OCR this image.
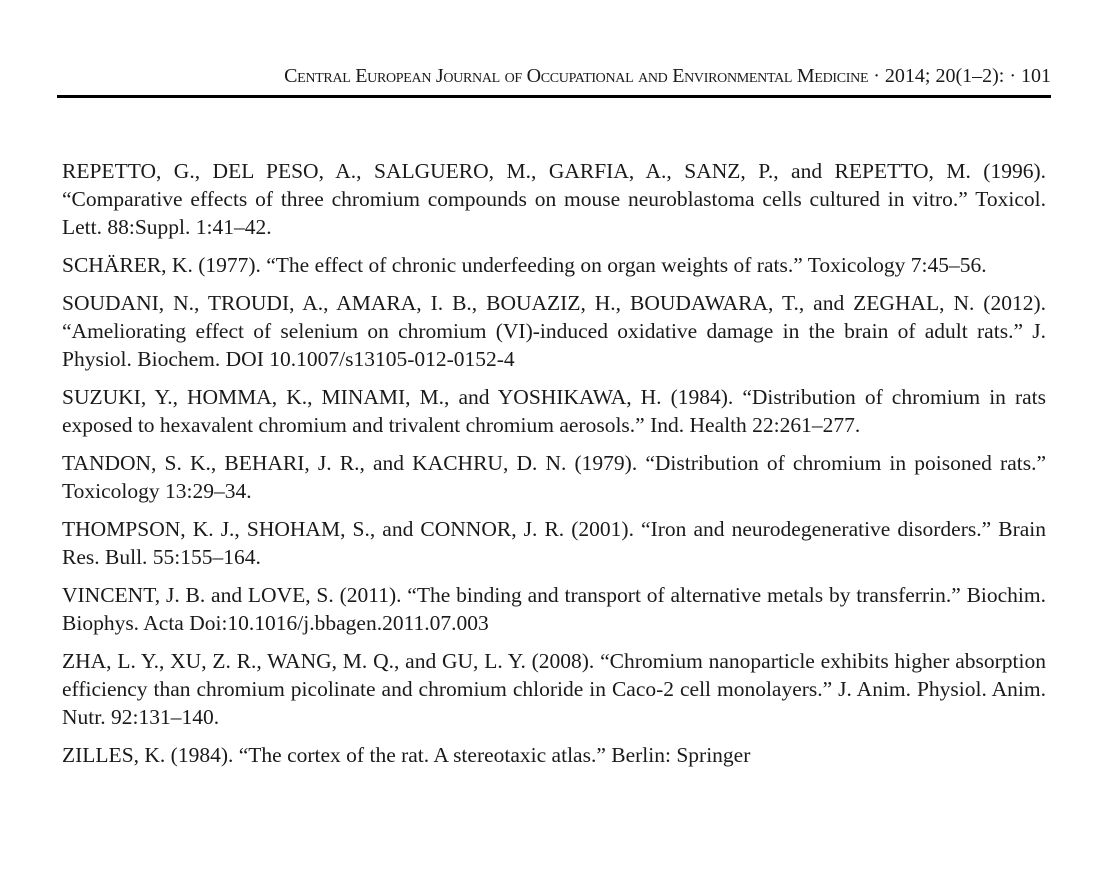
Central European Journal of Occupational and Environmental Medicine · 2014; 20(1–2): · 101

REPETTO, G., DEL PESO, A., SALGUERO, M., GARFIA, A., SANZ, P., and REPETTO, M. (1996). “Comparative effects of three chromium compounds on mouse neuroblastoma cells cultured in vitro.” Toxicol. Lett. 88:Suppl. 1:41–42.

SCHÄRER, K. (1977). “The effect of chronic underfeeding on organ weights of rats.” Toxicology 7:45–56.

SOUDANI, N., TROUDI, A., AMARA, I. B., BOUAZIZ, H., BOUDAWARA, T., and ZEGHAL, N. (2012). “Ameliorating effect of selenium on chromium (VI)-induced oxidative damage in the brain of adult rats.” J. Physiol. Biochem. DOI 10.1007/s13105-012-0152-4

SUZUKI, Y., HOMMA, K., MINAMI, M., and YOSHIKAWA, H. (1984). “Distribution of chromium in rats exposed to hexavalent chromium and trivalent chromium aerosols.” Ind. Health 22:261–277.

TANDON, S. K., BEHARI, J. R., and KACHRU, D. N. (1979). “Distribution of chromium in poisoned rats.” Toxicology 13:29–34.

THOMPSON, K. J., SHOHAM, S., and CONNOR, J. R. (2001). “Iron and neurodegenerative disorders.” Brain Res. Bull. 55:155–164.

VINCENT, J. B. and LOVE, S. (2011). “The binding and transport of alternative metals by transferrin.” Biochim. Biophys. Acta Doi:10.1016/j.bbagen.2011.07.003

ZHA, L. Y., XU, Z. R., WANG, M. Q., and GU, L. Y. (2008). “Chromium nanoparticle exhibits higher absorption efficiency than chromium picolinate and chromium chloride in Caco-2 cell monolayers.” J. Anim. Physiol. Anim. Nutr. 92:131–140.

ZILLES, K. (1984). “The cortex of the rat. A stereotaxic atlas.” Berlin: Springer
